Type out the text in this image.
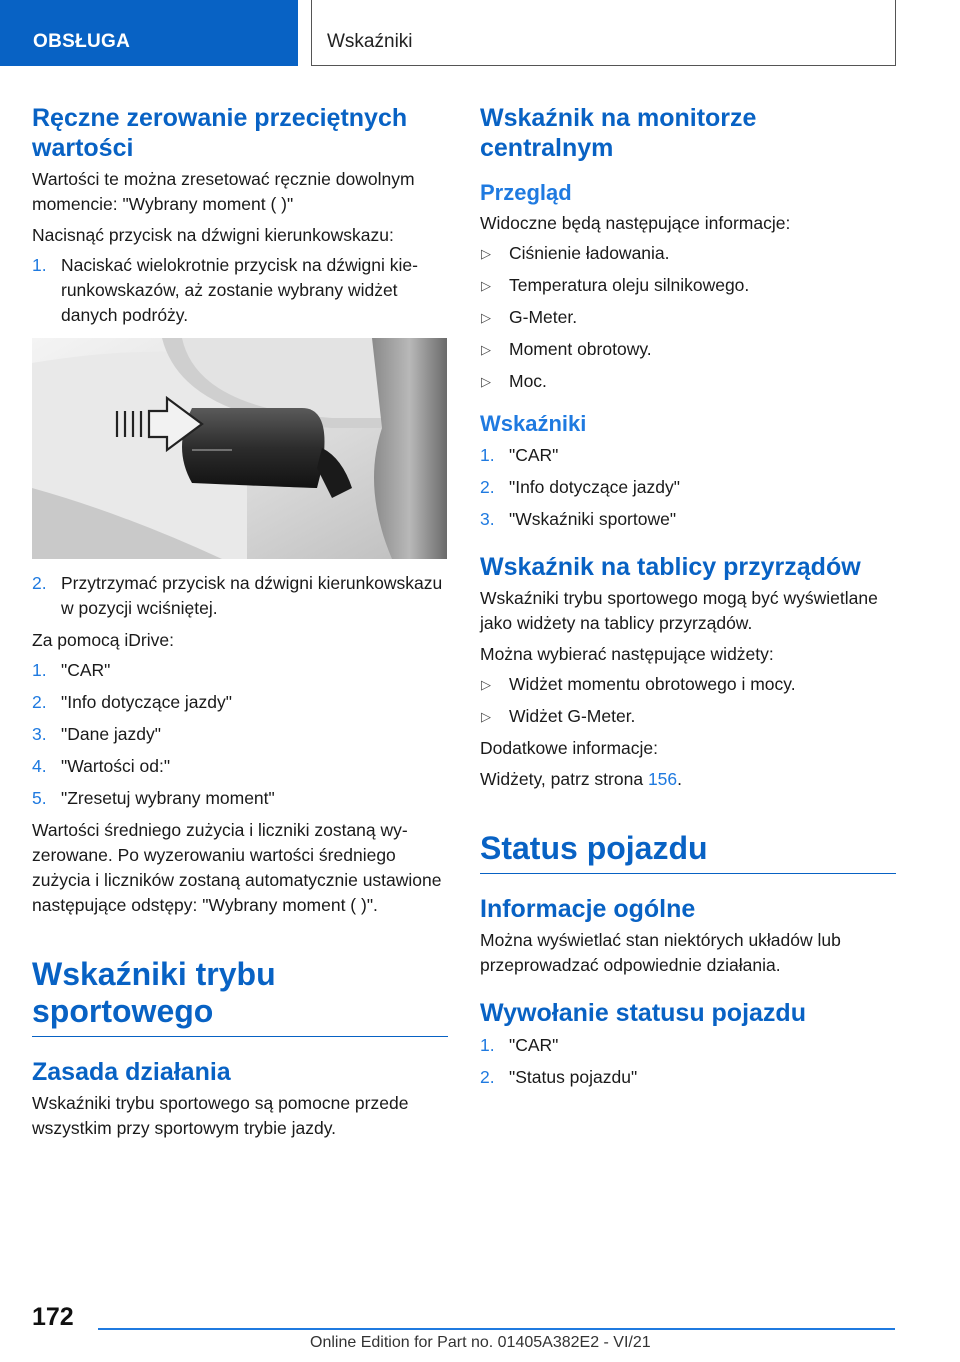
OBSŁUGA	Wskaźniki
Ręczne zerowanie przeciętnych wartości

Wartości te można zresetować ręcznie dowolnym momencie: "Wybrany moment ( )"

Nacisnąć przycisk na dźwigni kierunkowskazu:

1. Naciskać wielokrotnie przycisk na dźwigni kierunkowskazów, aż zostanie wybrany widżet danych podróży.
2. Przytrzymać przycisk na dźwigni kierunkowskazu w pozycji wciśniętej.

Za pomocą iDrive:

1. "CAR"
2. "Info dotyczące jazdy"
3. "Dane jazdy"
4. "Wartości od:"
5. "Zresetuj wybrany moment"

Wartości średniego zużycia i liczniki zostaną wyzerowane. Po wyzerowaniu wartości średniego zużycia i liczników zostaną automatycznie ustawione następujące odstępy: "Wybrany moment ( )".

Wskaźniki trybu sportowego
Zasada działania

Wskaźniki trybu sportowego są pomocne przede wszystkim przy sportowym trybie jazdy.

Wskaźnik na monitorze centralnym
Przegląd

Widoczne będą następujące informacje:

▷ Ciśnienie ładowania.
▷ Temperatura oleju silnikowego.
▷ G-Meter.
▷ Moment obrotowy.
▷ Moc.
Wskaźniki
1. "CAR"
2. "Info dotyczące jazdy"
3. "Wskaźniki sportowe"
Wskaźnik na tablicy przyrządów

Wskaźniki trybu sportowego mogą być wyświetlane jako widżety na tablicy przyrządów.

Można wybierać następujące widżety:

▷ Widżet momentu obrotowego i mocy.
▷ Widżet G-Meter.

Dodatkowe informacje:

Widżety, patrz strona 156.

Status pojazdu
Informacje ogólne

Można wyświetlać stan niektórych układów lub przeprowadzać odpowiednie działania.

Wywołanie statusu pojazdu
1. "CAR"
2. "Status pojazdu"
172
Online Edition for Part no. 01405A382E2 - VI/21
